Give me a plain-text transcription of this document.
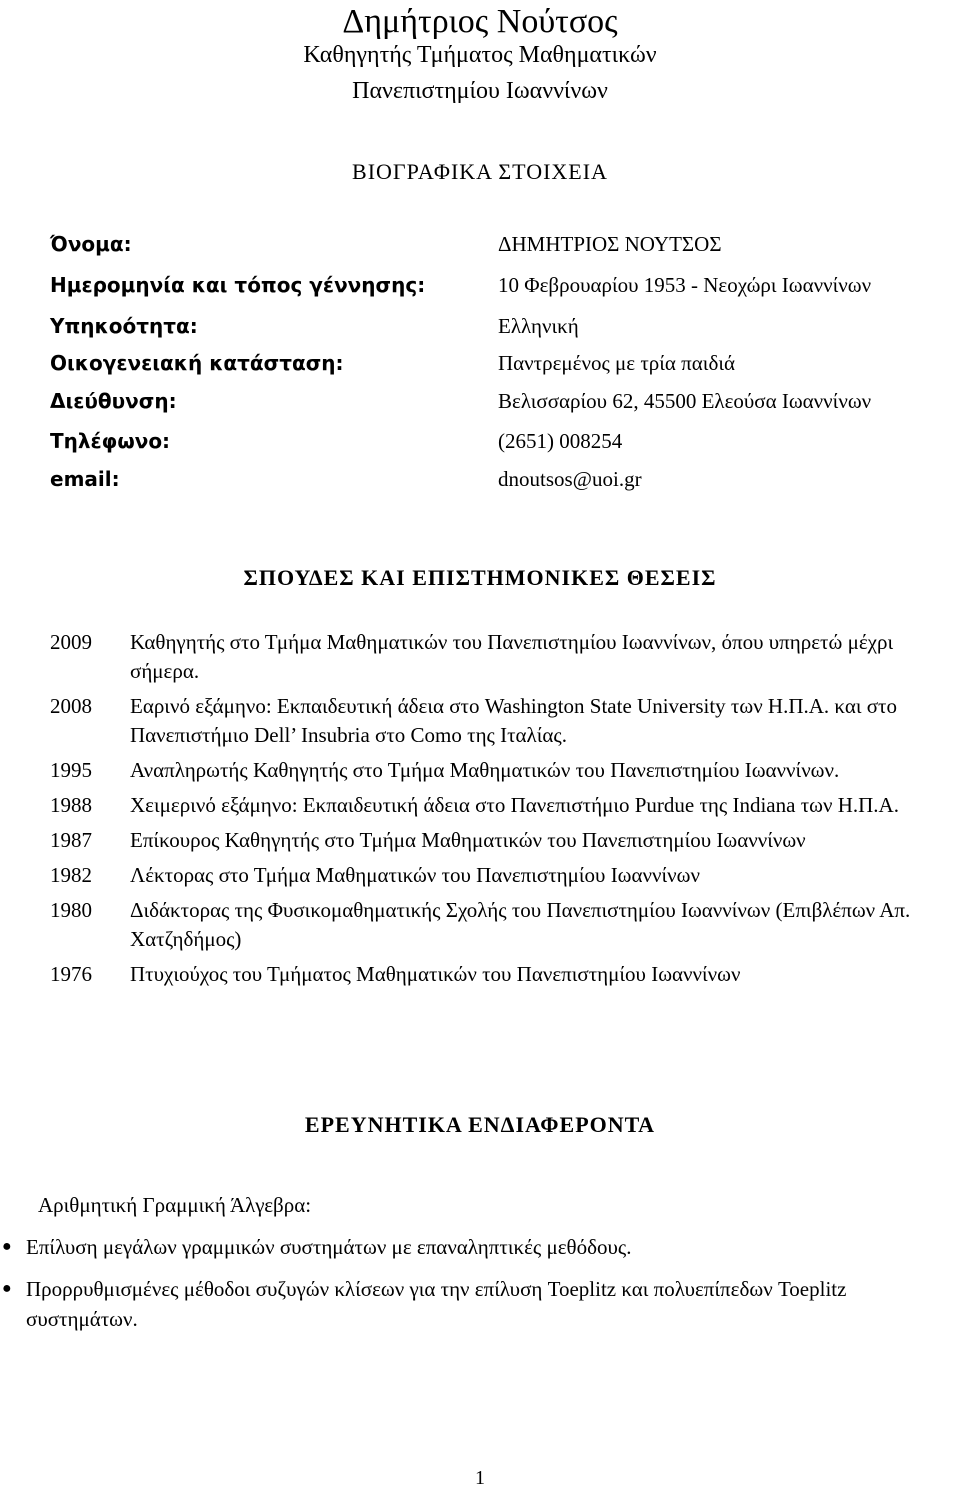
Δημήτριος Νούτσος
Καθηγητής Τμήματος Μαθηματικών
Πανεπιστημίου Ιωαννίνων
ΒΙΟΓΡΑΦΙΚΑ ΣΤΟΙΧΕΙΑ
Όνομα:	ΔΗΜΗΤΡΙΟΣ ΝΟΥΤΣΟΣ
Ημερομηνία και τόπος γέννησης:	10 Φεβρουαρίου 1953 - Νεοχώρι Ιωαννίνων
Υπηκοότητα:	Ελληνική
Οικογενειακή κατάσταση:	Παντρεμένος με τρία παιδιά
Διεύθυνση:	Βελισσαρίου 62, 45500 Ελεούσα Ιωαννίνων
Τηλέφωνο:	(2651) 008254
email:	dnoutsos@uoi.gr
ΣΠΟΥΔΕΣ ΚΑΙ ΕΠΙΣΤΗΜΟΝΙΚΕΣ ΘΕΣΕΙΣ
2009	Καθηγητής στο Τμήμα Μαθηματικών του Πανεπιστημίου Ιωαννίνων, όπου υπηρετώ μέχρι σήμερα.
2008	Εαρινό εξάμηνο: Εκπαιδευτική άδεια στο Washington State University των Η.Π.Α. και στο Πανεπιστήμιο Dell’ Insubria στο Como της Ιταλίας.
1995	Αναπληρωτής Καθηγητής στο Τμήμα Μαθηματικών του Πανεπιστημίου Ιωαννίνων.
1988	Χειμερινό εξάμηνο: Εκπαιδευτική άδεια στο Πανεπιστήμιο Purdue της Indiana των Η.Π.Α.
1987	Επίκουρος Καθηγητής στο Τμήμα Μαθηματικών του Πανεπιστημίου Ιωαννίνων
1982	Λέκτορας στο Τμήμα Μαθηματικών του Πανεπιστημίου Ιωαννίνων
1980	Διδάκτορας της Φυσικομαθηματικής Σχολής του Πανεπιστημίου Ιωαννίνων (Επιβλέπων Απ. Χατζηδήμος)
1976	Πτυχιούχος του Τμήματος Μαθηματικών του Πανεπιστημίου Ιωαννίνων
ΕΡΕΥΝΗΤΙΚΑ ΕΝΔΙΑΦΕΡΟΝΤΑ
Αριθμητική Γραμμική Άλγεβρα:
● Επίλυση μεγάλων γραμμικών συστημάτων με επαναληπτικές μεθόδους.
● Προρρυθμισμένες μέθοδοι συζυγών κλίσεων για την επίλυση Toeplitz και πολυεπίπεδων Toeplitz συστημάτων.
1
